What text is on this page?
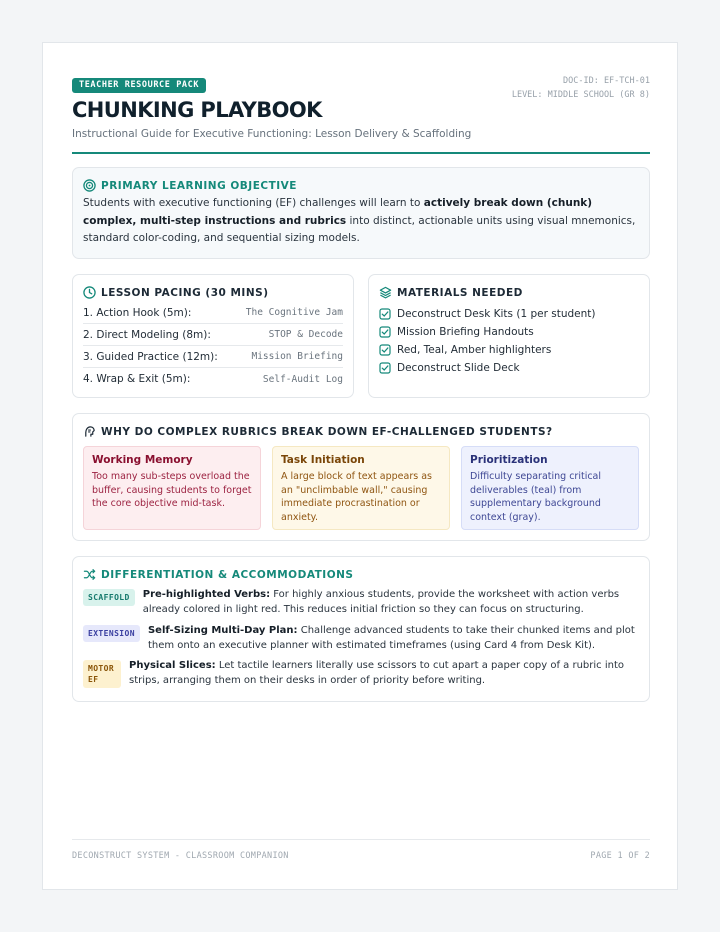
TEACHER RESOURCE PACK
CHUNKING PLAYBOOK
Instructional Guide for Executive Functioning: Lesson Delivery & Scaffolding
DOC-ID: EF-TCH-01
LEVEL: MIDDLE SCHOOL (GR 8)
PRIMARY LEARNING OBJECTIVE
Students with executive functioning (EF) challenges will learn to actively break down (chunk) complex, multi-step instructions and rubrics into distinct, actionable units using visual mnemonics, standard color-coding, and sequential sizing models.
LESSON PACING (30 MINS)
1. Action Hook (5m):	The Cognitive Jam
2. Direct Modeling (8m):	STOP & Decode
3. Guided Practice (12m):	Mission Briefing
4. Wrap & Exit (5m):	Self-Audit Log
MATERIALS NEEDED
Deconstruct Desk Kits (1 per student)
Mission Briefing Handouts
Red, Teal, Amber highlighters
Deconstruct Slide Deck
WHY DO COMPLEX RUBRICS BREAK DOWN EF-CHALLENGED STUDENTS?
Working Memory
Too many sub-steps overload the buffer, causing students to forget the core objective mid-task.
Task Initiation
A large block of text appears as an "unclimbable wall," causing immediate procrastination or anxiety.
Prioritization
Difficulty separating critical deliverables (teal) from supplementary background context (gray).
DIFFERENTIATION & ACCOMMODATIONS
SCAFFOLD	Pre-highlighted Verbs: For highly anxious students, provide the worksheet with action verbs already colored in light red. This reduces initial friction so they can focus on structuring.
EXTENSION	Self-Sizing Multi-Day Plan: Challenge advanced students to take their chunked items and plot them onto an executive planner with estimated timeframes (using Card 4 from Desk Kit).
MOTOR EF
Physical Slices: Let tactile learners literally use scissors to cut apart a paper copy of a rubric into strips, arranging them on their desks in order of priority before writing.
DECONSTRUCT SYSTEM - CLASSROOM COMPANION	PAGE 1 OF 2
